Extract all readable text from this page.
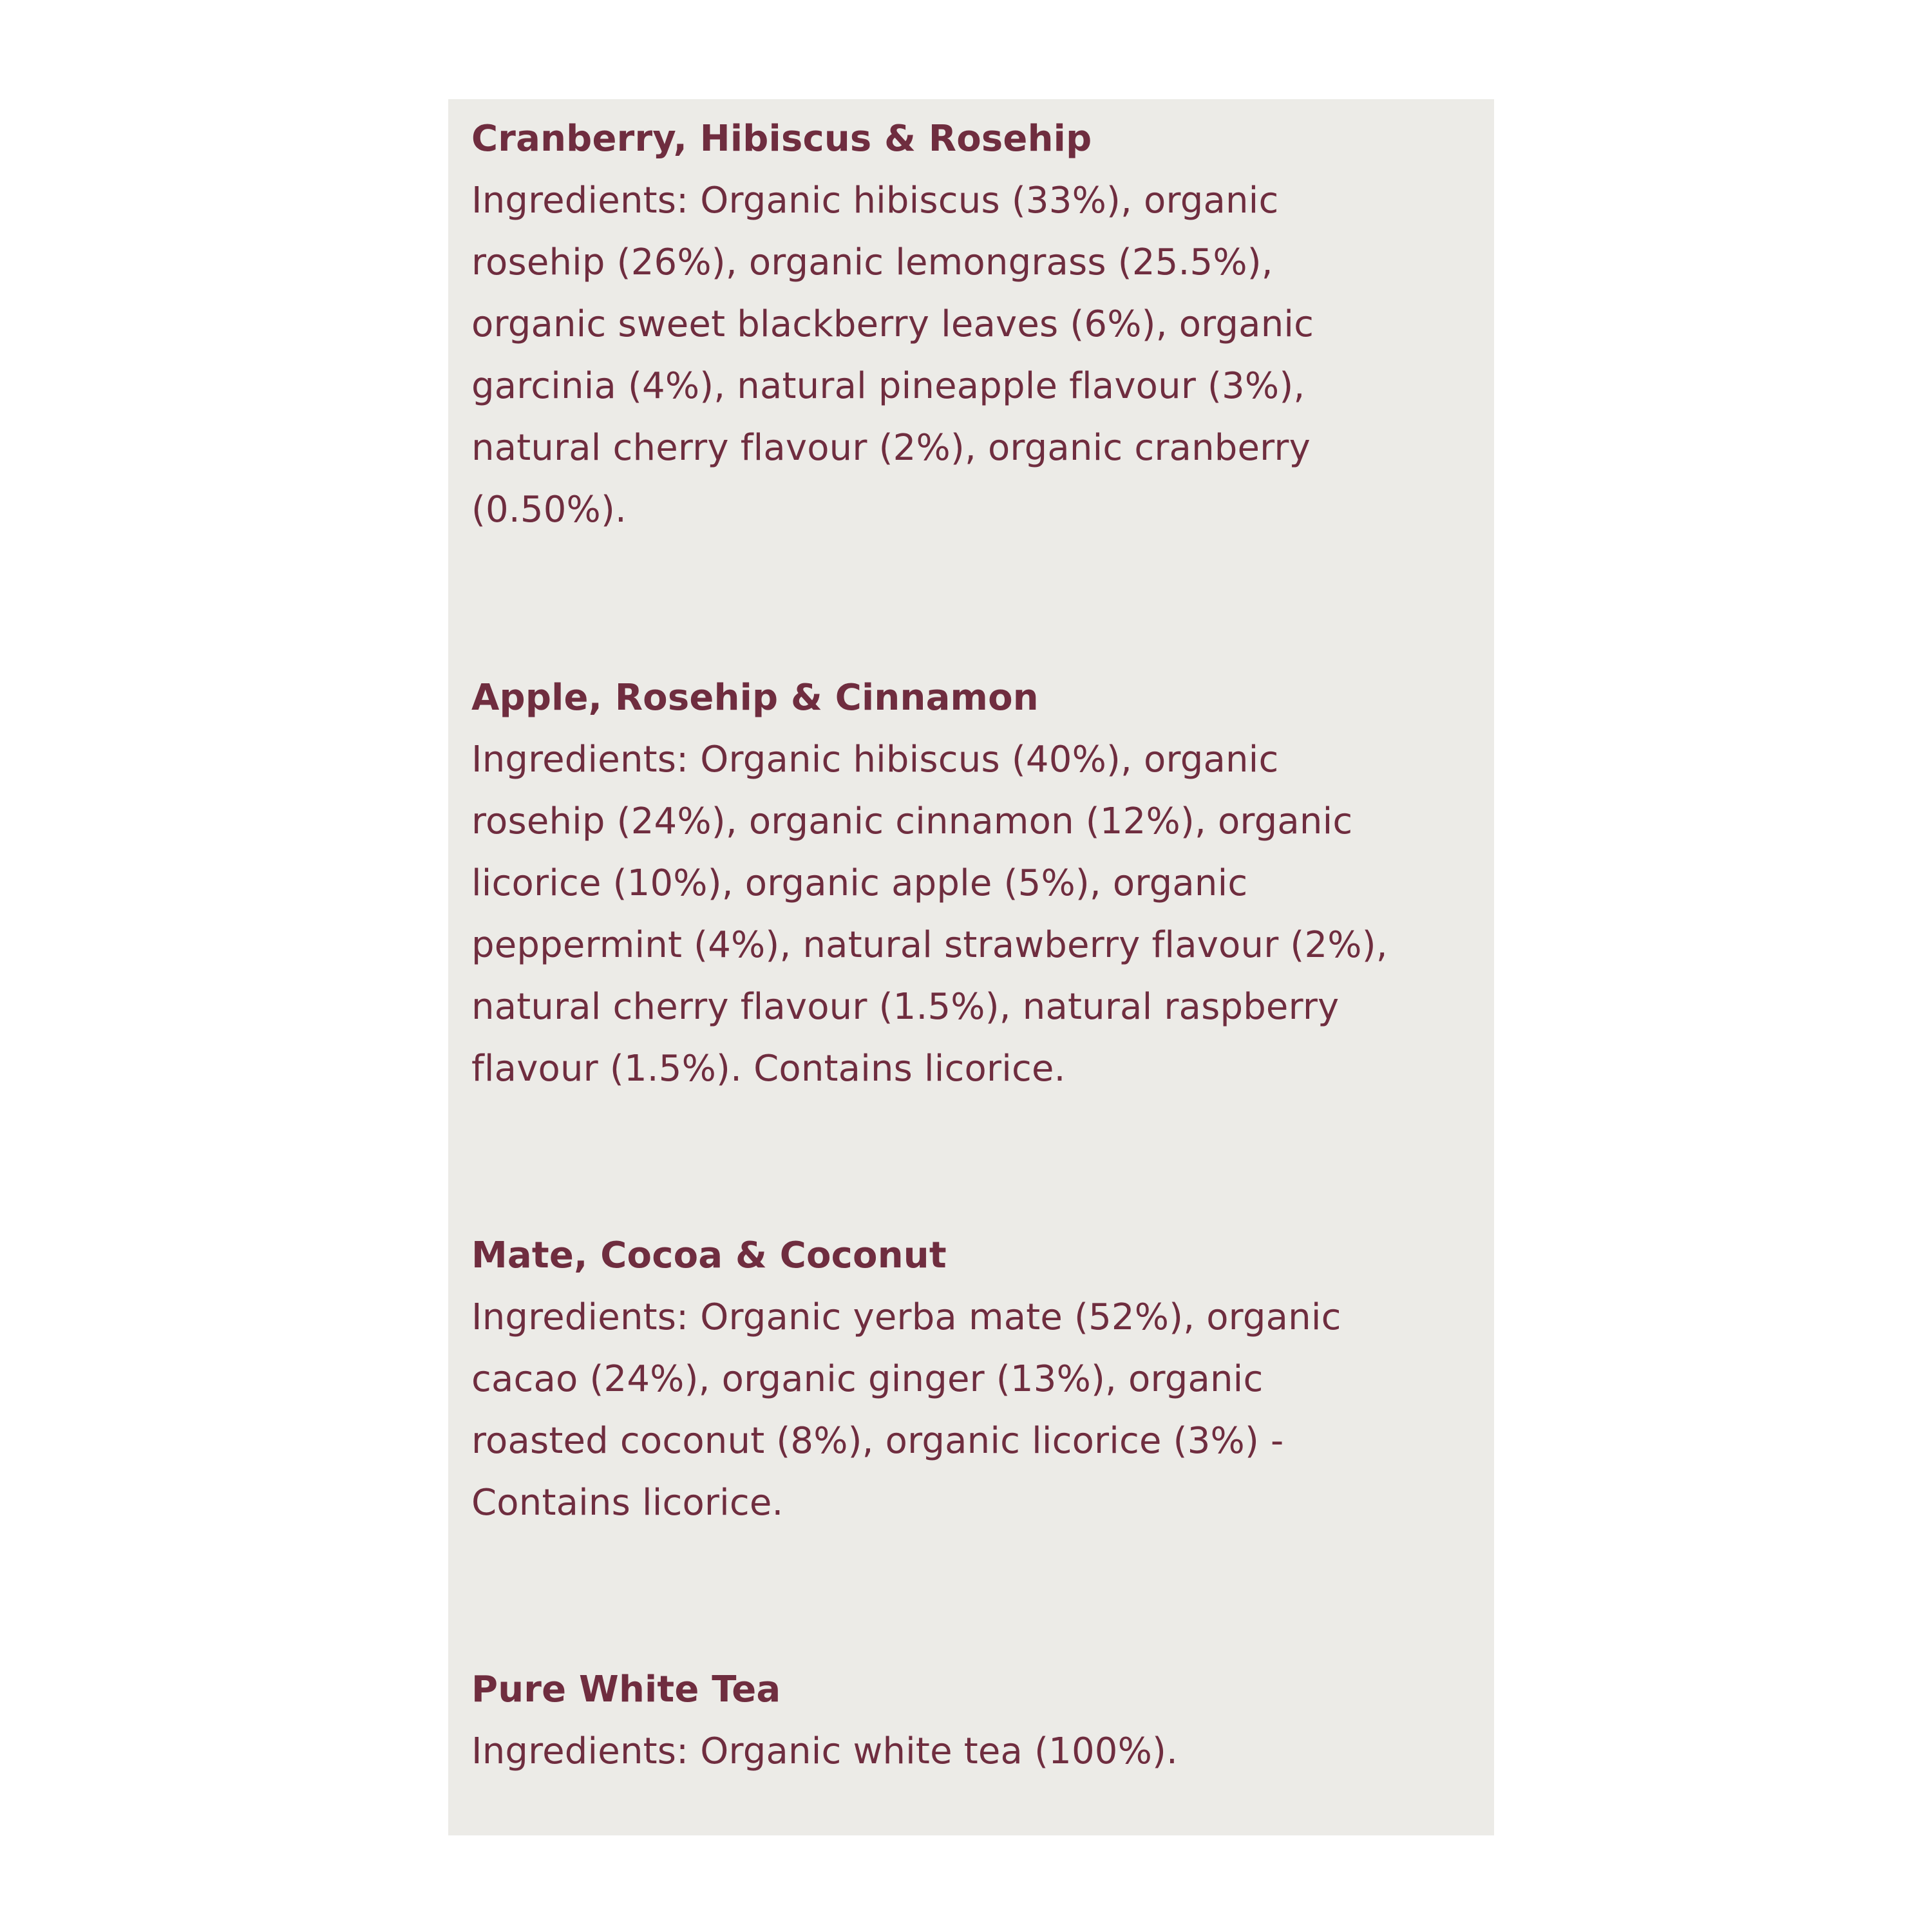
Cranberry, Hibiscus & Rosehip
Ingredients: Organic hibiscus (33%), organic
rosehip (26%), organic lemongrass (25.5%),
organic sweet blackberry leaves (6%), organic
garcinia (4%), natural pineapple flavour (3%),
natural cherry flavour (2%), organic cranberry
(0.50%).
Apple, Rosehip & Cinnamon
Ingredients: Organic hibiscus (40%), organic
rosehip (24%), organic cinnamon (12%), organic
licorice (10%), organic apple (5%), organic
peppermint (4%), natural strawberry flavour (2%),
natural cherry flavour (1.5%), natural raspberry
flavour (1.5%). Contains licorice.
Mate, Cocoa & Coconut
Ingredients: Organic yerba mate (52%), organic
cacao (24%), organic ginger (13%), organic
roasted coconut (8%), organic licorice (3%) -
Contains licorice.
Pure White Tea
Ingredients: Organic white tea (100%).
